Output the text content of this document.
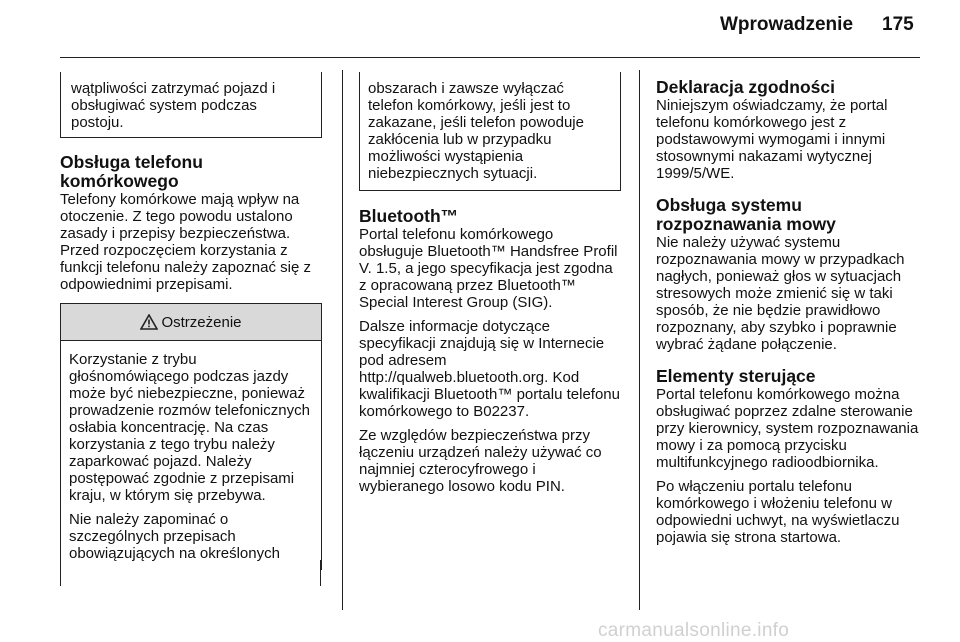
Wprowadzenie 175

wątpliwości zatrzymać pojazd i obsługiwać system podczas postoju.

Obsługa telefonu komórkowego

Telefony komórkowe mają wpływ na otoczenie. Z tego powodu ustalono zasady i przepisy bezpieczeństwa. Przed rozpoczęciem korzystania z funkcji telefonu należy zapoznać się z odpowiednimi przepisami.

Ostrzeżenie

Korzystanie z trybu głośnomówiącego podczas jazdy może być niebezpieczne, ponieważ prowadzenie rozmów telefonicznych osłabia koncentrację. Na czas korzystania z tego trybu należy zaparkować pojazd. Należy postępować zgodnie z przepisami kraju, w którym się przebywa.

Nie należy zapominać o szczególnych przepisach obowiązujących na określonych

obszarach i zawsze wyłączać telefon komórkowy, jeśli jest to zakazane, jeśli telefon powoduje zakłócenia lub w przypadku możliwości wystąpienia niebezpiecznych sytuacji.

Bluetooth™

Portal telefonu komórkowego obsługuje Bluetooth™ Handsfree Profil V. 1.5, a jego specyfikacja jest zgodna z opracowaną przez Bluetooth™ Special Interest Group (SIG).

Dalsze informacje dotyczące specyfikacji znajdują się w Internecie pod adresem http://qualweb.bluetooth.org. Kod kwalifikacji Bluetooth™ portalu telefonu komórkowego to B02237.

Ze względów bezpieczeństwa przy łączeniu urządzeń należy używać co najmniej czterocyfrowego i wybieranego losowo kodu PIN.

Deklaracja zgodności

Niniejszym oświadczamy, że portal telefonu komórkowego jest z podstawowymi wymogami i innymi stosownymi nakazami wytycznej 1999/5/WE.

Obsługa systemu rozpoznawania mowy

Nie należy używać systemu rozpoznawania mowy w przypadkach nagłych, ponieważ głos w sytuacjach stresowych może zmienić się w taki sposób, że nie będzie prawidłowo rozpoznany, aby szybko i poprawnie wybrać żądane połączenie.

Elementy sterujące

Portal telefonu komórkowego można obsługiwać poprzez zdalne sterowanie przy kierownicy, system rozpoznawania mowy i za pomocą przycisku multifunkcyjnego radioodbiornika.

Po włączeniu portalu telefonu komórkowego i włożeniu telefonu w odpowiedni uchwyt, na wyświetlaczu pojawia się strona startowa.

carmanualsonline.info
